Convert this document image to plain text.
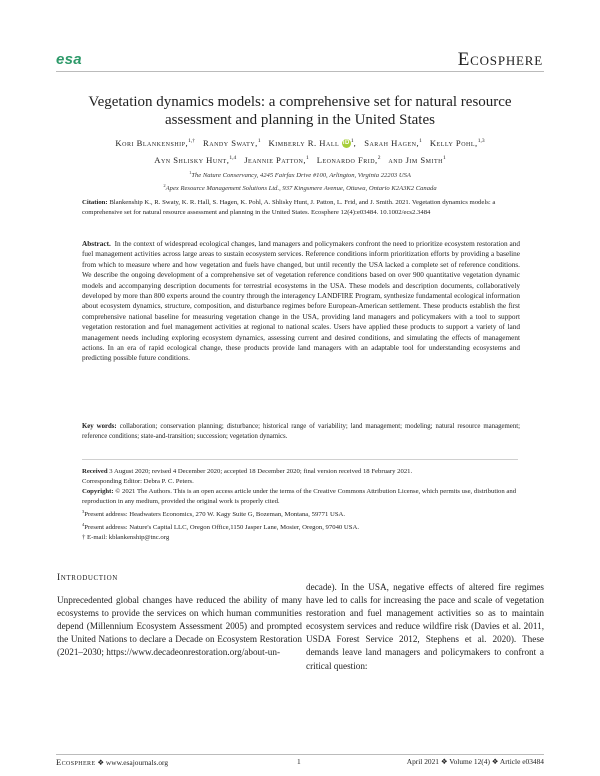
esa	Ecosphere
Vegetation dynamics models: a comprehensive set for natural resource assessment and planning in the United States
Kori Blankenship,$^{1,\dagger}$ Randy Swaty,$^1$ Kimberly R. Hall $iD^1$, Sarah Hagen,$^1$ Kelly Pohl,$^{1,3}$
Ayn Shlisky Hunt,$^{1,4}$ Jeannie Patton,$^1$ Leonardo Frid,$^2$ and Jim Smith$^1$
$^1$The Nature Conservancy, 4245 Fairfax Drive #100, Arlington, Virginia 22203 USA
$^2$Apex Resource Management Solutions Ltd., 937 Kingsmere Avenue, Ottawa, Ontario K2A3K2 Canada
Citation: Blankenship K., R. Swaty, K. R. Hall, S. Hagen, K. Pohl, A. Shlisky Hunt, J. Patton, L. Frid, and J. Smith. 2021. Vegetation dynamics models: a comprehensive set for natural resource assessment and planning in the United States. Ecosphere 12(4):e03484. 10.1002/ecs2.3484
Abstract. In the context of widespread ecological changes, land managers and policymakers confront the need to prioritize ecosystem restoration and fuel management activities across large areas to sustain ecosystem services. Reference conditions inform prioritization efforts by providing a baseline from which to measure where and how vegetation and fuels have changed, but until recently the USA lacked a complete set of reference conditions. We describe the ongoing development of a comprehensive set of vegetation reference conditions based on over 900 quantitative vegetation dynamic models and accompanying description documents for terrestrial ecosystems in the USA. These models and description documents, collaboratively developed by more than 800 experts around the country through the interagency LANDFIRE Program, synthesize fundamental ecological information about ecosystem dynamics, structure, composition, and disturbance regimes before European-American settlement. These products establish the first comprehensive national baseline for measuring vegetation change in the USA, providing land managers and policymakers with a tool to support vegetation restoration and fuel management activities at regional to national scales. Users have applied these products to support a variety of land management needs including exploring ecosystem dynamics, assessing current and desired conditions, and simulating the effects of management actions. In an era of rapid ecological change, these products provide land managers with an adaptable tool for understanding ecosystems and predicting possible future conditions.
Key words: collaboration; conservation planning; disturbance; historical range of variability; land management; modeling; natural resource management; reference conditions; state-and-transition; succession; vegetation dynamics.
Received 3 August 2020; revised 4 December 2020; accepted 18 December 2020; final version received 18 February 2021.
Corresponding Editor: Debra P. C. Peters.
Copyright: © 2021 The Authors. This is an open access article under the terms of the Creative Commons Attribution License, which permits use, distribution and reproduction in any medium, provided the original work is properly cited.
$^3$Present address: Headwaters Economics, 270 W. Kagy Suite G, Bozeman, Montana, 59771 USA.
$^4$Present address: Nature's Capital LLC, Oregon Office,1150 Jasper Lane, Mosier, Oregon, 97040 USA.
† E-mail: kblankenship@tnc.org
Introduction

Unprecedented global changes have reduced the ability of many ecosystems to provide the services on which human communities depend (Millennium Ecosystem Assessment 2005) and prompted the United Nations to declare a Decade on Ecosystem Restoration (2021–2030; https://www.decadeonrestoration.org/about-un-

decade). In the USA, negative effects of altered fire regimes have led to calls for increasing the pace and scale of vegetation restoration and fuel management activities so as to maintain ecosystem services and reduce wildfire risk (Davies et al. 2011, USDA Forest Service 2012, Stephens et al. 2020). These demands leave land managers and policymakers to confront a critical question:

Ecosphere ❖ www.esajournals.org	1	April 2021 ❖ Volume 12(4) ❖ Article e03484
